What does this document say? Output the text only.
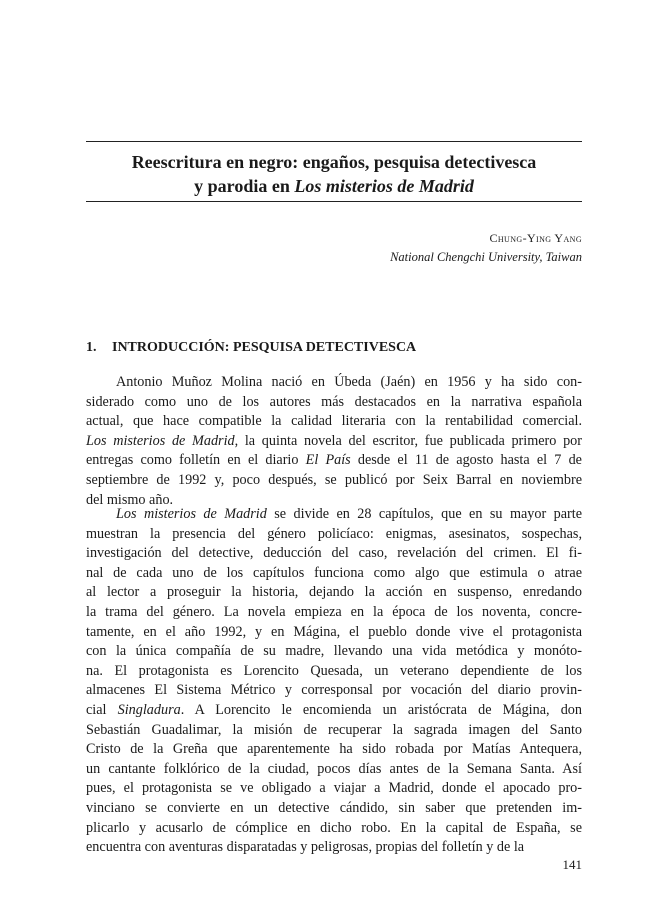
Reescritura en negro: engaños, pesquisa detectivesca
y parodia en Los misterios de Madrid
Chung-Ying Yang
National Chengchi University, Taiwan
1. INTRODUCCIÓN: PESQUISA DETECTIVESCA
Antonio Muñoz Molina nació en Úbeda (Jaén) en 1956 y ha sido con-
siderado como uno de los autores más destacados en la narrativa española
actual, que hace compatible la calidad literaria con la rentabilidad comercial.
Los misterios de Madrid, la quinta novela del escritor, fue publicada primero por
entregas como folletín en el diario El País desde el 11 de agosto hasta el 7 de
septiembre de 1992 y, poco después, se publicó por Seix Barral en noviembre
del mismo año.
Los misterios de Madrid se divide en 28 capítulos, que en su mayor parte
muestran la presencia del género policíaco: enigmas, asesinatos, sospechas,
investigación del detective, deducción del caso, revelación del crimen. El fi-
nal de cada uno de los capítulos funciona como algo que estimula o atrae
al lector a proseguir la historia, dejando la acción en suspenso, enredando
la trama del género. La novela empieza en la época de los noventa, concre-
tamente, en el año 1992, y en Mágina, el pueblo donde vive el protagonista
con la única compañía de su madre, llevando una vida metódica y monóto-
na. El protagonista es Lorencito Quesada, un veterano dependiente de los
almacenes El Sistema Métrico y corresponsal por vocación del diario provin-
cial Singladura. A Lorencito le encomienda un aristócrata de Mágina, don
Sebastián Guadalimar, la misión de recuperar la sagrada imagen del Santo
Cristo de la Greña que aparentemente ha sido robada por Matías Antequera,
un cantante folklórico de la ciudad, pocos días antes de la Semana Santa. Así
pues, el protagonista se ve obligado a viajar a Madrid, donde el apocado pro-
vinciano se convierte en un detective cándido, sin saber que pretenden im-
plicarlo y acusarlo de cómplice en dicho robo. En la capital de España, se
encuentra con aventuras disparatadas y peligrosas, propias del folletín y de la
141
